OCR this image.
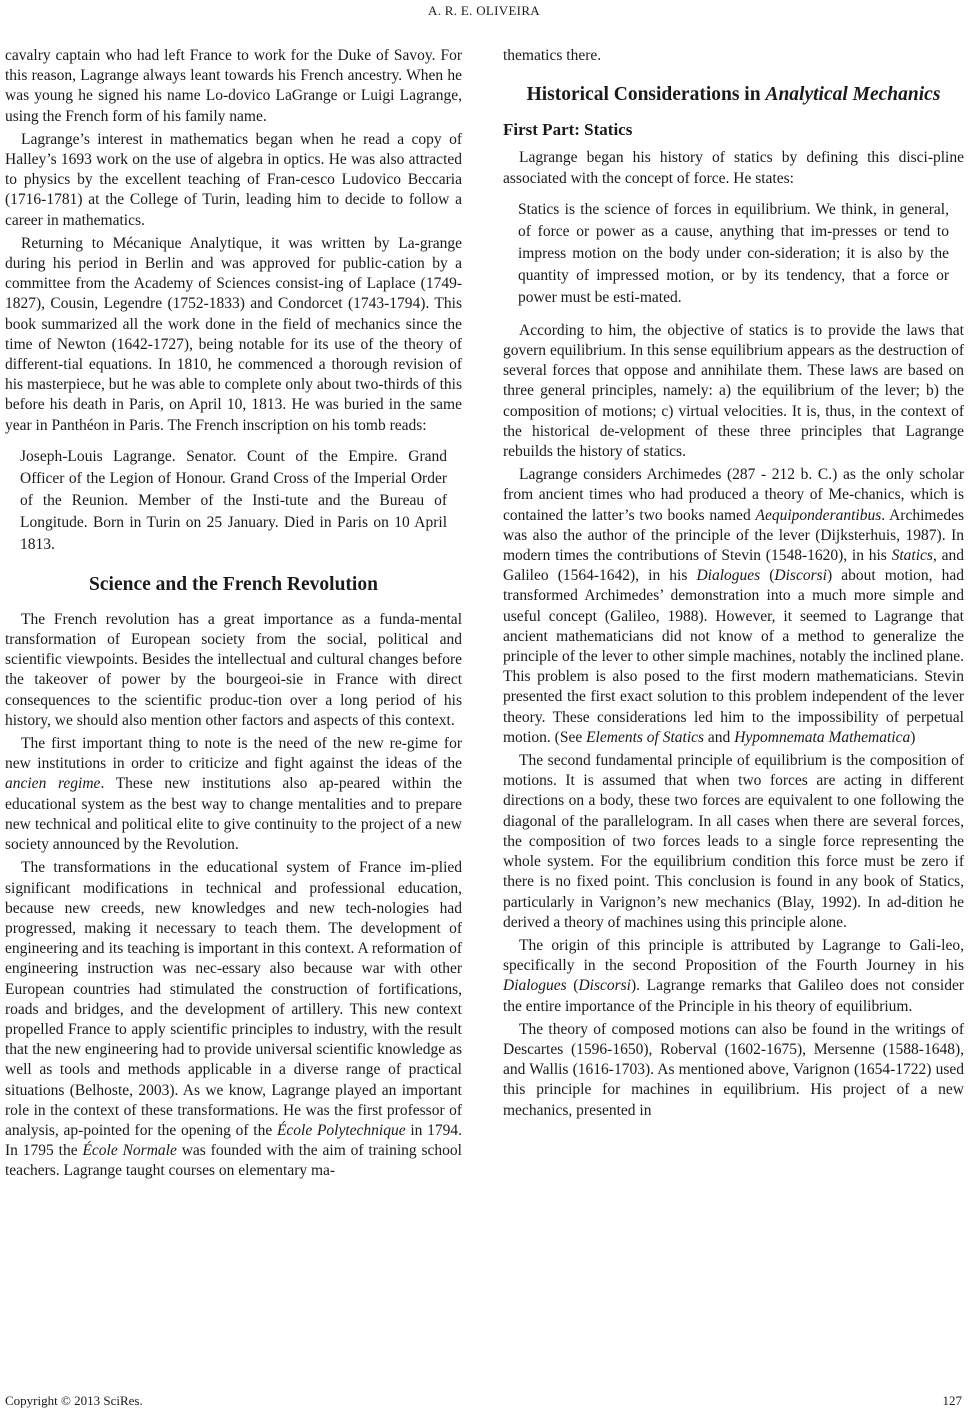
A. R. E. OLIVEIRA

cavalry captain who had left France to work for the Duke of Savoy. For this reason, Lagrange always leant towards his French ancestry. When he was young he signed his name Lo-dovico LaGrange or Luigi Lagrange, using the French form of his family name.

Lagrange’s interest in mathematics began when he read a copy of Halley’s 1693 work on the use of algebra in optics. He was also attracted to physics by the excellent teaching of Fran-cesco Ludovico Beccaria (1716-1781) at the College of Turin, leading him to decide to follow a career in mathematics.

Returning to Mécanique Analytique, it was written by La-grange during his period in Berlin and was approved for public-cation by a committee from the Academy of Sciences consist-ing of Laplace (1749-1827), Cousin, Legendre (1752-1833) and Condorcet (1743-1794). This book summarized all the work done in the field of mechanics since the time of Newton (1642-1727), being notable for its use of the theory of different-tial equations. In 1810, he commenced a thorough revision of his masterpiece, but he was able to complete only about two-thirds of this before his death in Paris, on April 10, 1813. He was buried in the same year in Panthéon in Paris. The French inscription on his tomb reads:

Joseph-Louis Lagrange. Senator. Count of the Empire. Grand Officer of the Legion of Honour. Grand Cross of the Imperial Order of the Reunion. Member of the Insti-tute and the Bureau of Longitude. Born in Turin on 25 January. Died in Paris on 10 April 1813.

Science and the French Revolution

The French revolution has a great importance as a funda-mental transformation of European society from the social, political and scientific viewpoints. Besides the intellectual and cultural changes before the takeover of power by the bourgeoi-sie in France with direct consequences to the scientific produc-tion over a long period of his history, we should also mention other factors and aspects of this context.

The first important thing to note is the need of the new re-gime for new institutions in order to criticize and fight against the ideas of the ancien regime. These new institutions also ap-peared within the educational system as the best way to change mentalities and to prepare new technical and political elite to give continuity to the project of a new society announced by the Revolution.

The transformations in the educational system of France im-plied significant modifications in technical and professional education, because new creeds, new knowledges and new tech-nologies had progressed, making it necessary to teach them. The development of engineering and its teaching is important in this context. A reformation of engineering instruction was nec-essary also because war with other European countries had stimulated the construction of fortifications, roads and bridges, and the development of artillery. This new context propelled France to apply scientific principles to industry, with the result that the new engineering had to provide universal scientific knowledge as well as tools and methods applicable in a diverse range of practical situations (Belhoste, 2003). As we know, Lagrange played an important role in the context of these transformations. He was the first professor of analysis, ap-pointed for the opening of the École Polytechnique in 1794. In 1795 the École Normale was founded with the aim of training school teachers. Lagrange taught courses on elementary ma-

thematics there.

Historical Considerations in Analytical Mechanics
First Part: Statics

Lagrange began his history of statics by defining this disci-pline associated with the concept of force. He states:

Statics is the science of forces in equilibrium. We think, in general, of force or power as a cause, anything that im-presses or tend to impress motion on the body under con-sideration; it is also by the quantity of impressed motion, or by its tendency, that a force or power must be esti-mated.

According to him, the objective of statics is to provide the laws that govern equilibrium. In this sense equilibrium appears as the destruction of several forces that oppose and annihilate them. These laws are based on three general principles, namely: a) the equilibrium of the lever; b) the composition of motions; c) virtual velocities. It is, thus, in the context of the historical de-velopment of these three principles that Lagrange rebuilds the history of statics.

Lagrange considers Archimedes (287 - 212 b. C.) as the only scholar from ancient times who had produced a theory of Me-chanics, which is contained the latter’s two books named Aequiponderantibus. Archimedes was also the author of the principle of the lever (Dijksterhuis, 1987). In modern times the contributions of Stevin (1548-1620), in his Statics, and Galileo (1564-1642), in his Dialogues (Discorsi) about motion, had transformed Archimedes’ demonstration into a much more simple and useful concept (Galileo, 1988). However, it seemed to Lagrange that ancient mathematicians did not know of a method to generalize the principle of the lever to other simple machines, notably the inclined plane. This problem is also posed to the first modern mathematicians. Stevin presented the first exact solution to this problem independent of the lever theory. These considerations led him to the impossibility of perpetual motion. (See Elements of Statics and Hypomnemata Mathematica)

The second fundamental principle of equilibrium is the composition of motions. It is assumed that when two forces are acting in different directions on a body, these two forces are equivalent to one following the diagonal of the parallelogram. In all cases when there are several forces, the composition of two forces leads to a single force representing the whole system. For the equilibrium condition this force must be zero if there is no fixed point. This conclusion is found in any book of Statics, particularly in Varignon’s new mechanics (Blay, 1992). In ad-dition he derived a theory of machines using this principle alone.

The origin of this principle is attributed by Lagrange to Gali-leo, specifically in the second Proposition of the Fourth Journey in his Dialogues (Discorsi). Lagrange remarks that Galileo does not consider the entire importance of the Principle in his theory of equilibrium.

The theory of composed motions can also be found in the writings of Descartes (1596-1650), Roberval (1602-1675), Mersenne (1588-1648), and Wallis (1616-1703). As mentioned above, Varignon (1654-1722) used this principle for machines in equilibrium. His project of a new mechanics, presented in

Copyright © 2013 SciRes.	127
